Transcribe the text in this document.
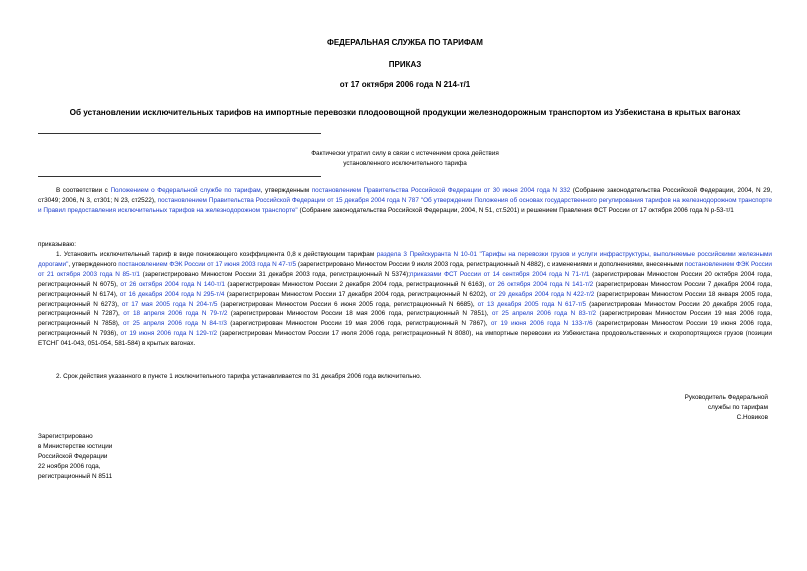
ФЕДЕРАЛЬНАЯ СЛУЖБА ПО ТАРИФАМ
ПРИКАЗ
от 17 октября 2006 года N 214-т/1
Об установлении исключительных тарифов на импортные перевозки плодоовощной продукции железнодорожным транспортом из Узбекистана в крытых вагонах
Фактически утратил силу в связи с истечением срока действия
установленного исключительного тарифа
В соответствии с Положением о Федеральной службе по тарифам, утвержденным постановлением Правительства Российской Федерации от 30 июня 2004 года N 332 (Собрание законодательства Российской Федерации, 2004, N 29, ст3049; 2006, N 3, ст301; N 23, ст2522), постановлением Правительства Российской Федерации от 15 декабря 2004 года N 787 "Об утверждении Положения об основах государственного регулирования тарифов на железнодорожном транспорте и Правил предоставления исключительных тарифов на железнодорожном транспорте" (Собрание законодательства Российской Федерации, 2004, N 51, ст.5201) и решением Правления ФСТ России от 17 октября 2006 года N р-53-т/1
приказываю:
1. Установить исключительный тариф в виде понижающего коэффициента 0,8 к действующим тарифам раздела 3 Прейскуранта N 10-01 "Тарифы на перевозки грузов и услуги инфраструктуры, выполняемые российскими железными дорогами", утвержденного постановлением ФЭК России от 17 июня 2003 года N 47-т/5 (зарегистрировано Минюстом России 9 июля 2003 года, регистрационный N 4882), с изменениями и дополнениями, внесенными постановлением ФЭК России от 21 октября 2003 года N 85-т/1 (зарегистрировано Минюстом России 31 декабря 2003 года, регистрационный N 5374);приказами ФСТ России от 14 сентября 2004 года N 71-т/1 (зарегистрирован Минюстом России 20 октября 2004 года, регистрационный N 6075), от 26 октября 2004 года N 140-т/1 (зарегистрирован Минюстом России 2 декабря 2004 года, регистрационный N 6163), от 26 октября 2004 года N 141-т/2 (зарегистрирован Минюстом России 7 декабря 2004 года, регистрационный N 6174), от 16 декабря 2004 года N 295-т/4 (зарегистрирован Минюстом России 17 декабря 2004 года, регистрационный N 6202), от 29 декабря 2004 года N 422-т/2 (зарегистрирован Минюстом России 18 января 2005 года, регистрационный N 6273), от 17 мая 2005 года N 204-т/5 (зарегистрирован Минюстом России 6 июня 2005 года, регистрационный N 6685), от 13 декабря 2005 года N 617-т/5 (зарегистрирован Минюстом России 20 декабря 2005 года, регистрационный N 7287), от 18 апреля 2006 года N 79-т/2 (зарегистрирован Минюстом России 18 мая 2006 года, регистрационный N 7851), от 25 апреля 2006 года N 83-т/2 (зарегистрирован Минюстом России 19 мая 2006 года, регистрационный N 7858), от 25 апреля 2006 года N 84-т/3 (зарегистрирован Минюстом России 19 мая 2006 года, регистрационный N 7867), от 19 июня 2006 года N 133-т/6 (зарегистрирован Минюстом России 19 июня 2006 года, регистрационный N 7936), от 19 июня 2006 года N 129-т/2 (зарегистрирован Минюстом России 17 июля 2006 года, регистрационный N 8080), на импортные перевозки из Узбекистана продовольственных и скоропортящихся грузов (позиции ЕТСНГ 041-043, 051-054, 581-584) в крытых вагонах.
2. Срок действия указанного в пункте 1 исключительного тарифа устанавливается по 31 декабря 2006 года включительно.
Руководитель Федеральной
службы по тарифам
С.Новиков
Зарегистрировано
в Министерстве юстиции
Российской Федерации
22 ноября 2006 года,
регистрационный N 8511
